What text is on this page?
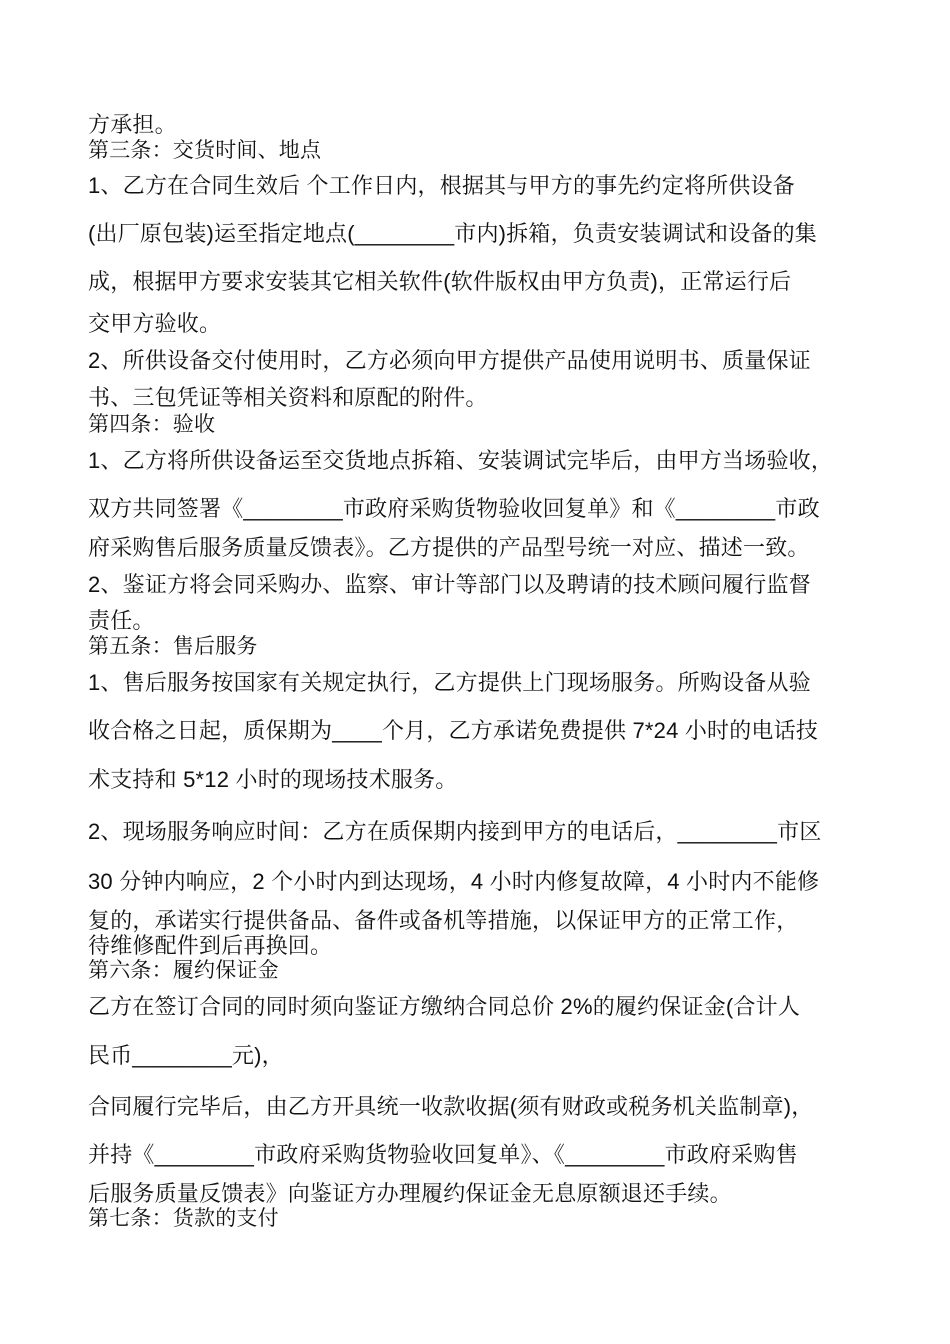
方承担。
第三条：交货时间、地点
1、乙方在合同生效后 个工作日内，根据其与甲方的事先约定将所供设备
(出厂原包装)运至指定地点(________市内)拆箱，负责安装调试和设备的集
成，根据甲方要求安装其它相关软件(软件版权由甲方负责)，正常运行后
交甲方验收。
2、所供设备交付使用时，乙方必须向甲方提供产品使用说明书、质量保证
书、三包凭证等相关资料和原配的附件。
第四条：验收
1、乙方将所供设备运至交货地点拆箱、安装调试完毕后，由甲方当场验收，
双方共同签署《________市政府采购货物验收回复单》和《________市政
府采购售后服务质量反馈表》。乙方提供的产品型号统一对应、描述一致。
2、鉴证方将会同采购办、监察、审计等部门以及聘请的技术顾问履行监督
责任。
第五条：售后服务
1、售后服务按国家有关规定执行，乙方提供上门现场服务。所购设备从验
收合格之日起，质保期为____个月，乙方承诺免费提供 7*24 小时的电话技
术支持和 5*12 小时的现场技术服务。
2、现场服务响应时间：乙方在质保期内接到甲方的电话后，________市区
30 分钟内响应，2 个小时内到达现场，4 小时内修复故障，4 小时内不能修
复的，承诺实行提供备品、备件或备机等措施，以保证甲方的正常工作，
待维修配件到后再换回。
第六条：履约保证金
乙方在签订合同的同时须向鉴证方缴纳合同总价 2%的履约保证金(合计人
民币________元)，
合同履行完毕后，由乙方开具统一收款收据(须有财政或税务机关监制章)，
并持《________市政府采购货物验收回复单》、《________市政府采购售
后服务质量反馈表》向鉴证方办理履约保证金无息原额退还手续。
第七条：货款的支付
